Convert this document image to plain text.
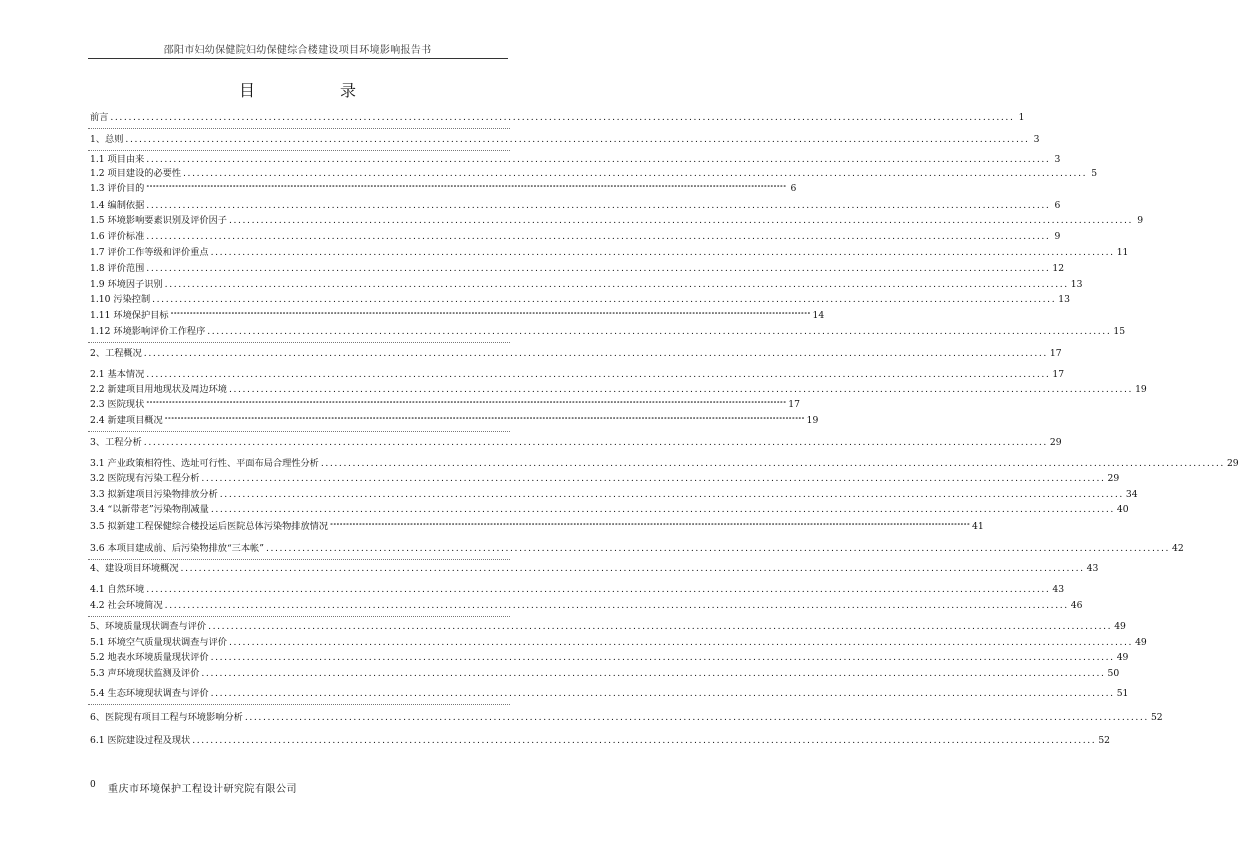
邵阳市妇幼保健院妇幼保健综合楼建设项目环境影响报告书
目 录
前言 ........................................................................................................................................................................................................ 1
1、总则 ........................................................................................................................................................................................................ 3
1.1 项目由来 ........................................................................................................................................................................................................ 3
1.2 项目建设的必要性 ........................................................................................................................................................................................................ 5
1.3 评价目的 °°°°°°°°°°°°°°°°°°°°°°°°°°°°°°°°°°°°°°°°°°°°°°°°°°°°°°°°°°°°°°°°°°°°°°°°°°°°°°°°°°°°°°°°°°°°°°°°°°°°°°°°°°°°°°°°°°°°°°°°°°°°°°°°°°°°°°°°°°°°°°°°°°°°°°°°°°°°°°°°°°°°°°°°°°°°°°°°°°°°°°°°°°°°°°°°°°°°°°°° 6
1.4 编制依据 ........................................................................................................................................................................................................ 6
1.5 环境影响要素识别及评价因子 ........................................................................................................................................................................................................ 9
1.6 评价标准 ........................................................................................................................................................................................................ 9
1.7 评价工作等级和评价重点 ........................................................................................................................................................................................................ 11
1.8 评价范围 ........................................................................................................................................................................................................ 12
1.9 环境因子识别 ........................................................................................................................................................................................................ 13
1.10 污染控制 ........................................................................................................................................................................................................ 13
1.11 环境保护目标 °°°°°°°°°°°°°°°°°°°°°°°°°°°°°°°°°°°°°°°°°°°°°°°°°°°°°°°°°°°°°°°°°°°°°°°°°°°°°°°°°°°°°°°°°°°°°°°°°°°°°°°°°°°°°°°°°°°°°°°°°°°°°°°°°°°°°°°°°°°°°°°°°°°°°°°°°°°°°°°°°°°°°°°°°°°°°°°°°°°°°°°°°°°°°°°°°°°°°°°° 14
1.12 环境影响评价工作程序 ........................................................................................................................................................................................................ 15
2、工程概况 ........................................................................................................................................................................................................ 17
2.1 基本情况 ........................................................................................................................................................................................................ 17
2.2 新建项目用地现状及周边环境 ........................................................................................................................................................................................................ 19
2.3 医院现状 °°°°°°°°°°°°°°°°°°°°°°°°°°°°°°°°°°°°°°°°°°°°°°°°°°°°°°°°°°°°°°°°°°°°°°°°°°°°°°°°°°°°°°°°°°°°°°°°°°°°°°°°°°°°°°°°°°°°°°°°°°°°°°°°°°°°°°°°°°°°°°°°°°°°°°°°°°°°°°°°°°°°°°°°°°°°°°°°°°°°°°°°°°°°°°°°°°°°°°°° 17
2.4 新建项目概况 °°°°°°°°°°°°°°°°°°°°°°°°°°°°°°°°°°°°°°°°°°°°°°°°°°°°°°°°°°°°°°°°°°°°°°°°°°°°°°°°°°°°°°°°°°°°°°°°°°°°°°°°°°°°°°°°°°°°°°°°°°°°°°°°°°°°°°°°°°°°°°°°°°°°°°°°°°°°°°°°°°°°°°°°°°°°°°°°°°°°°°°°°°°°°°°°°°°°°°°° 19
3、工程分析 ........................................................................................................................................................................................................ 29
3.1 产业政策相符性、选址可行性、平面布局合理性分析 ........................................................................................................................................................................................................ 29
3.2 医院现有污染工程分析 ........................................................................................................................................................................................................ 29
3.3 拟新建项目污染物排放分析 ........................................................................................................................................................................................................ 34
3.4 “以新带老”污染物削减量 ........................................................................................................................................................................................................ 40
3.5 拟新建工程保健综合楼投运后医院总体污染物排放情况 °°°°°°°°°°°°°°°°°°°°°°°°°°°°°°°°°°°°°°°°°°°°°°°°°°°°°°°°°°°°°°°°°°°°°°°°°°°°°°°°°°°°°°°°°°°°°°°°°°°°°°°°°°°°°°°°°°°°°°°°°°°°°°°°°°°°°°°°°°°°°°°°°°°°°°°°°°°°°°°°°°°°°°°°°°°°°°°°°°°°°°°°°°°°°°°°°°°°°°°° 41
3.6 本项目建成前、后污染物排放“三本帐” ........................................................................................................................................................................................................ 42
4、建设项目环境概况 ........................................................................................................................................................................................................ 43
4.1 自然环境 ........................................................................................................................................................................................................ 43
4.2 社会环境简况 ........................................................................................................................................................................................................ 46
5、环境质量现状调查与评价 ........................................................................................................................................................................................................ 49
5.1 环境空气质量现状调查与评价 ........................................................................................................................................................................................................ 49
5.2 地表水环境质量现状评价 ........................................................................................................................................................................................................ 49
5.3 声环境现状监测及评价 ........................................................................................................................................................................................................ 50
5.4 生态环境现状调查与评价 ........................................................................................................................................................................................................ 51
6、医院现有项目工程与环境影响分析 ........................................................................................................................................................................................................ 52
6.1 医院建设过程及现状 ........................................................................................................................................................................................................ 52
0 重庆市环境保护工程设计研究院有限公司
